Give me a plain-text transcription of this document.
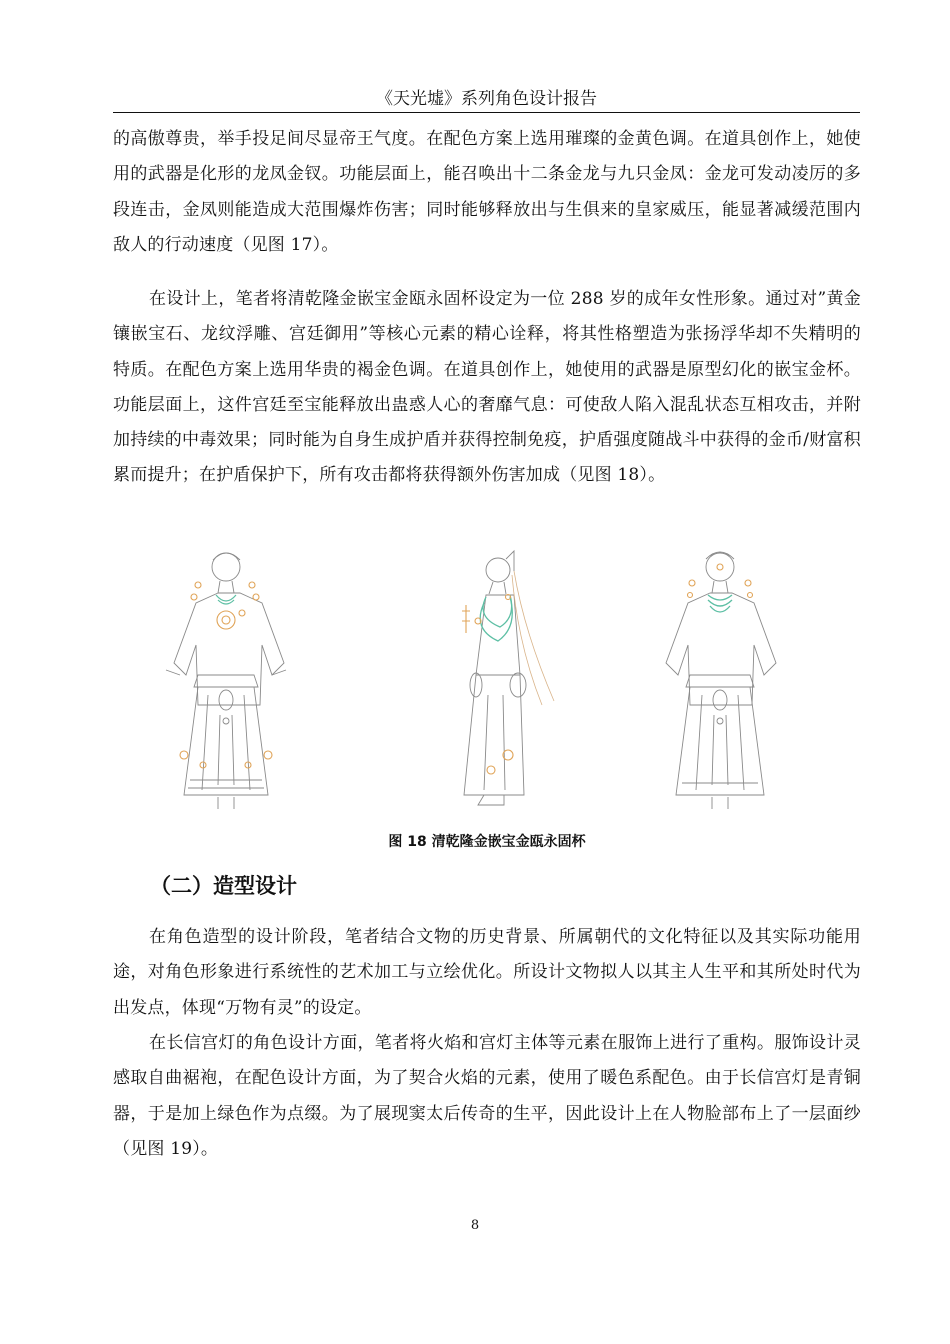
《天光墟》系列角色设计报告

的高傲尊贵，举手投足间尽显帝王气度。在配色方案上选用璀璨的金黄色调。在道具创作上，她使用的武器是化形的龙凤金钗。功能层面上，能召唤出十二条金龙与九只金凤：金龙可发动凌厉的多段连击，金凤则能造成大范围爆炸伤害；同时能够释放出与生俱来的皇家威压，能显著减缓范围内敌人的行动速度（见图 17）。

在设计上，笔者将清乾隆金嵌宝金瓯永固杯设定为一位 288 岁的成年女性形象。通过对”黄金镶嵌宝石、龙纹浮雕、宫廷御用”等核心元素的精心诠释，将其性格塑造为张扬浮华却不失精明的特质。在配色方案上选用华贵的褐金色调。在道具创作上，她使用的武器是原型幻化的嵌宝金杯。功能层面上，这件宫廷至宝能释放出蛊惑人心的奢靡气息：可使敌人陷入混乱状态互相攻击，并附加持续的中毒效果；同时能为自身生成护盾并获得控制免疫，护盾强度随战斗中获得的金币/财富积累而提升；在护盾保护下，所有攻击都将获得额外伤害加成（见图 18）。

图 18 清乾隆金嵌宝金瓯永固杯
（二）造型设计

在角色造型的设计阶段，笔者结合文物的历史背景、所属朝代的文化特征以及其实际功能用途，对角色形象进行系统性的艺术加工与立绘优化。所设计文物拟人以其主人生平和其所处时代为出发点，体现“万物有灵”的设定。

在长信宫灯的角色设计方面，笔者将火焰和宫灯主体等元素在服饰上进行了重构。服饰设计灵感取自曲裾袍，在配色设计方面，为了契合火焰的元素，使用了暖色系配色。由于长信宫灯是青铜器，于是加上绿色作为点缀。为了展现窦太后传奇的生平，因此设计上在人物脸部布上了一层面纱（见图 19）。

8
